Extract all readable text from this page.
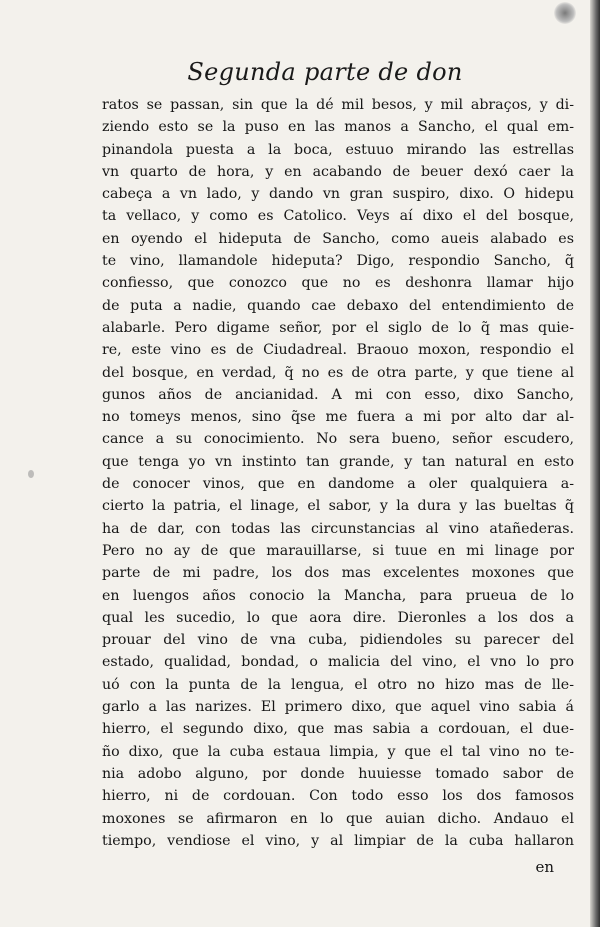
Segunda parte de don
ratos se passan, sin que la dé mil besos, y mil abraços, y di-
ziendo esto se la puso en las manos a Sancho, el qual em-
pinandola puesta a la boca, estuuo mirando las estrellas
vn quarto de hora, y en acabando de beuer dexó caer la
cabeça a vn lado, y dando vn gran suspiro, dixo. O hidepu
ta vellaco, y como es Catolico. Veys aí dixo el del bosque,
en oyendo el hideputa de Sancho, como aueis alabado es
te vino, llamandole hideputa? Digo, respondio Sancho, q̃
confiesso, que conozco que no es deshonra llamar hijo
de puta a nadie, quando cae debaxo del entendimiento de
alabarle. Pero digame señor, por el siglo de lo q̃ mas quie-
re, este vino es de Ciudadreal. Braouo moxon, respondio el
del bosque, en verdad, q̃ no es de otra parte, y que tiene al
gunos años de ancianidad. A mi con esso, dixo Sancho,
no tomeys menos, sino q̃se me fuera a mi por alto dar al-
cance a su conocimiento. No sera bueno, señor escudero,
que tenga yo vn instinto tan grande, y tan natural en esto
de conocer vinos, que en dandome a oler qualquiera a-
cierto la patria, el linage, el sabor, y la dura y las bueltas q̃
ha de dar, con todas las circunstancias al vino atañederas.
Pero no ay de que marauillarse, si tuue en mi linage por
parte de mi padre, los dos mas excelentes moxones que
en luengos años conocio la Mancha, para prueua de lo
qual les sucedio, lo que aora dire. Dieronles a los dos a
prouar del vino de vna cuba, pidiendoles su parecer del
estado, qualidad, bondad, o malicia del vino, el vno lo pro
uó con la punta de la lengua, el otro no hizo mas de lle-
garlo a las narizes. El primero dixo, que aquel vino sabia á
hierro, el segundo dixo, que mas sabia a cordouan, el due-
ño dixo, que la cuba estaua limpia, y que el tal vino no te-
nia adobo alguno, por donde huuiesse tomado sabor de
hierro, ni de cordouan. Con todo esso los dos famosos
moxones se afirmaron en lo que auian dicho. Andauo el
tiempo, vendiose el vino, y al limpiar de la cuba hallaron
en
